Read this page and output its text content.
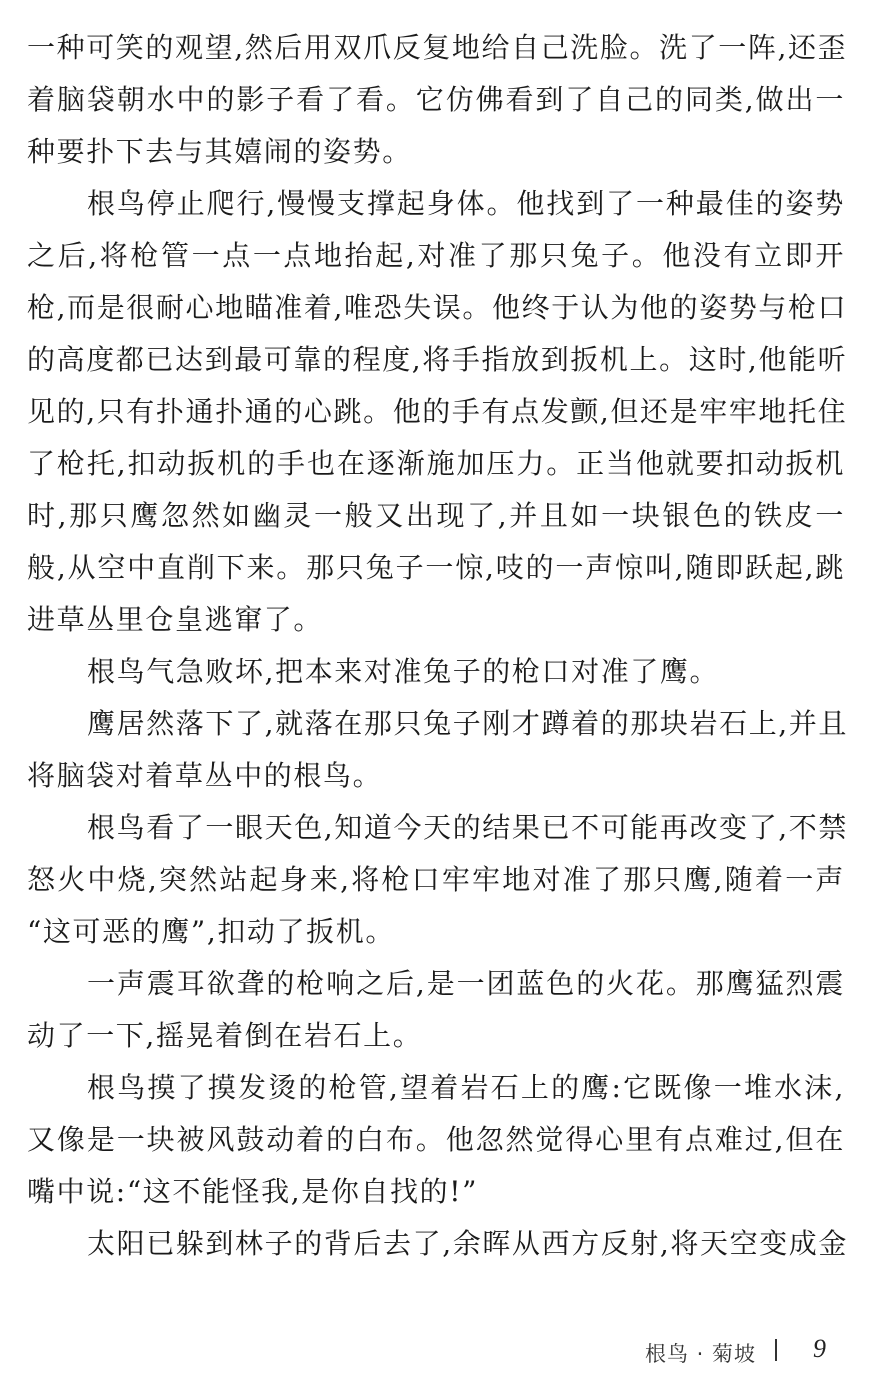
一种可笑的观望,然后用双爪反复地给自己洗脸。洗了一阵,还歪
着脑袋朝水中的影子看了看。它仿佛看到了自己的同类,做出一
种要扑下去与其嬉闹的姿势。
根鸟停止爬行,慢慢支撑起身体。他找到了一种最佳的姿势
之后,将枪管一点一点地抬起,对准了那只兔子。他没有立即开
枪,而是很耐心地瞄准着,唯恐失误。他终于认为他的姿势与枪口
的高度都已达到最可靠的程度,将手指放到扳机上。这时,他能听
见的,只有扑通扑通的心跳。他的手有点发颤,但还是牢牢地托住
了枪托,扣动扳机的手也在逐渐施加压力。正当他就要扣动扳机
时,那只鹰忽然如幽灵一般又出现了,并且如一块银色的铁皮一
般,从空中直削下来。那只兔子一惊,吱的一声惊叫,随即跃起,跳
进草丛里仓皇逃窜了。
根鸟气急败坏,把本来对准兔子的枪口对准了鹰。
鹰居然落下了,就落在那只兔子刚才蹲着的那块岩石上,并且
将脑袋对着草丛中的根鸟。
根鸟看了一眼天色,知道今天的结果已不可能再改变了,不禁
怒火中烧,突然站起身来,将枪口牢牢地对准了那只鹰,随着一声
“这可恶的鹰”,扣动了扳机。
一声震耳欲聋的枪响之后,是一团蓝色的火花。那鹰猛烈震
动了一下,摇晃着倒在岩石上。
根鸟摸了摸发烫的枪管,望着岩石上的鹰:它既像一堆水沫,
又像是一块被风鼓动着的白布。他忽然觉得心里有点难过,但在
嘴中说:“这不能怪我,是你自找的!”
太阳已躲到林子的背后去了,余晖从西方反射,将天空变成金
根鸟 · 菊坡 9
